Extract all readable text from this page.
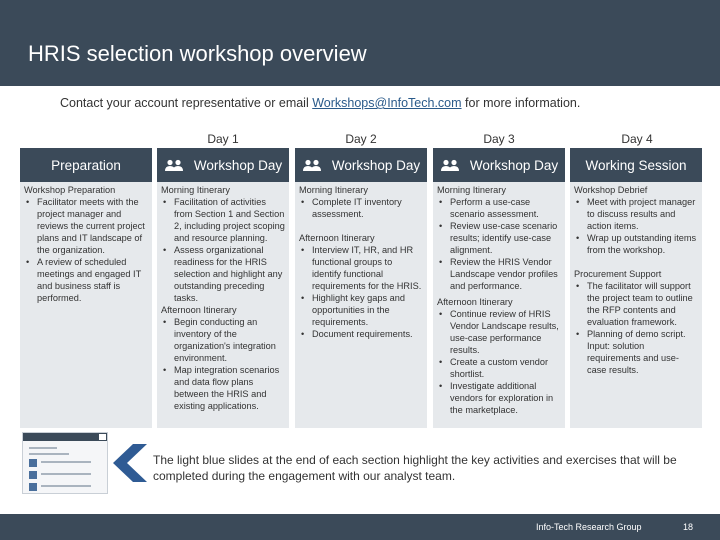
HRIS selection workshop overview
Contact your account representative or email Workshops@InfoTech.com for more information.
Preparation
Workshop Preparation
• Facilitator meets with the project manager and reviews the current project plans and IT landscape of the organization.
• A review of scheduled meetings and engaged IT and business staff is performed.
Day 1
Workshop Day
Morning Itinerary
• Facilitation of activities from Section 1 and Section 2, including project scoping and resource planning.
• Assess organizational readiness for the HRIS selection and highlight any outstanding preceding tasks.
Afternoon Itinerary
• Begin conducting an inventory of the organization's integration environment.
• Map integration scenarios and data flow plans between the HRIS and existing applications.
Day 2
Workshop Day
Morning Itinerary
• Complete IT inventory assessment.
Afternoon Itinerary
• Interview IT, HR, and HR functional groups to identify functional requirements for the HRIS.
• Highlight key gaps and opportunities in the requirements.
• Document requirements.
Day 3
Workshop Day
Morning Itinerary
• Perform a use-case scenario assessment.
• Review use-case scenario results; identify use-case alignment.
• Review the HRIS Vendor Landscape vendor profiles and performance.
Afternoon Itinerary
• Continue review of HRIS Vendor Landscape results, use-case performance results.
• Create a custom vendor shortlist.
• Investigate additional vendors for exploration in the marketplace.
Day 4
Working Session
Workshop Debrief
• Meet with project manager to discuss results and action items.
• Wrap up outstanding items from the workshop.
Procurement Support
• The facilitator will support the project team to outline the RFP contents and evaluation framework.
• Planning of demo script. Input: solution requirements and use-case results.
The light blue slides at the end of each section highlight the key activities and exercises that will be completed during the engagement with our analyst team.
Info-Tech Research Group	18
